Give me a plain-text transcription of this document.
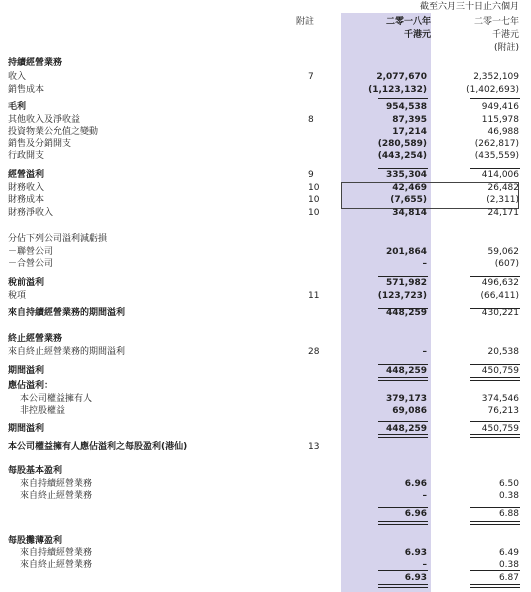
截至六月三十日止六個月
附註	二零一八年	二零一七年
千港元	千港元
(附註)
持續經營業務
收入	7	2,077,670	2,352,109
銷售成本	(1,123,132)	(1,402,693)
毛利	954,538	949,416
其他收入及淨收益	8	87,395	115,978
投資物業公允值之變動	17,214	46,988
銷售及分銷開支	(280,589)	(262,817)
行政開支	(443,254)	(435,559)
經營溢利	9	335,304	414,006
財務收入	10	42,469	26,482
財務成本	10	(7,655)	(2,311)
財務淨收入	10	34,814	24,171
分佔下列公司溢利減虧損
－聯營公司	201,864	59,062
－合營公司	–	(607)
稅前溢利	571,982	496,632
稅項	11	(123,723)	(66,411)
來自持續經營業務的期間溢利	448,259	430,221
終止經營業務
來自終止經營業務的期間溢利	28	–	20,538
期間溢利	448,259	450,759
應佔溢利：
本公司權益擁有人	379,173	374,546
非控股權益	69,086	76,213
期間溢利	448,259	450,759
本公司權益擁有人應佔溢利之每股盈利(港仙)	13
每股基本盈利
來自持續經營業務	6.96	6.50
來自終止經營業務	–	0.38
6.96	6.88
每股攤薄盈利
來自持續經營業務	6.93	6.49
來自終止經營業務	–	0.38
6.93	6.87
